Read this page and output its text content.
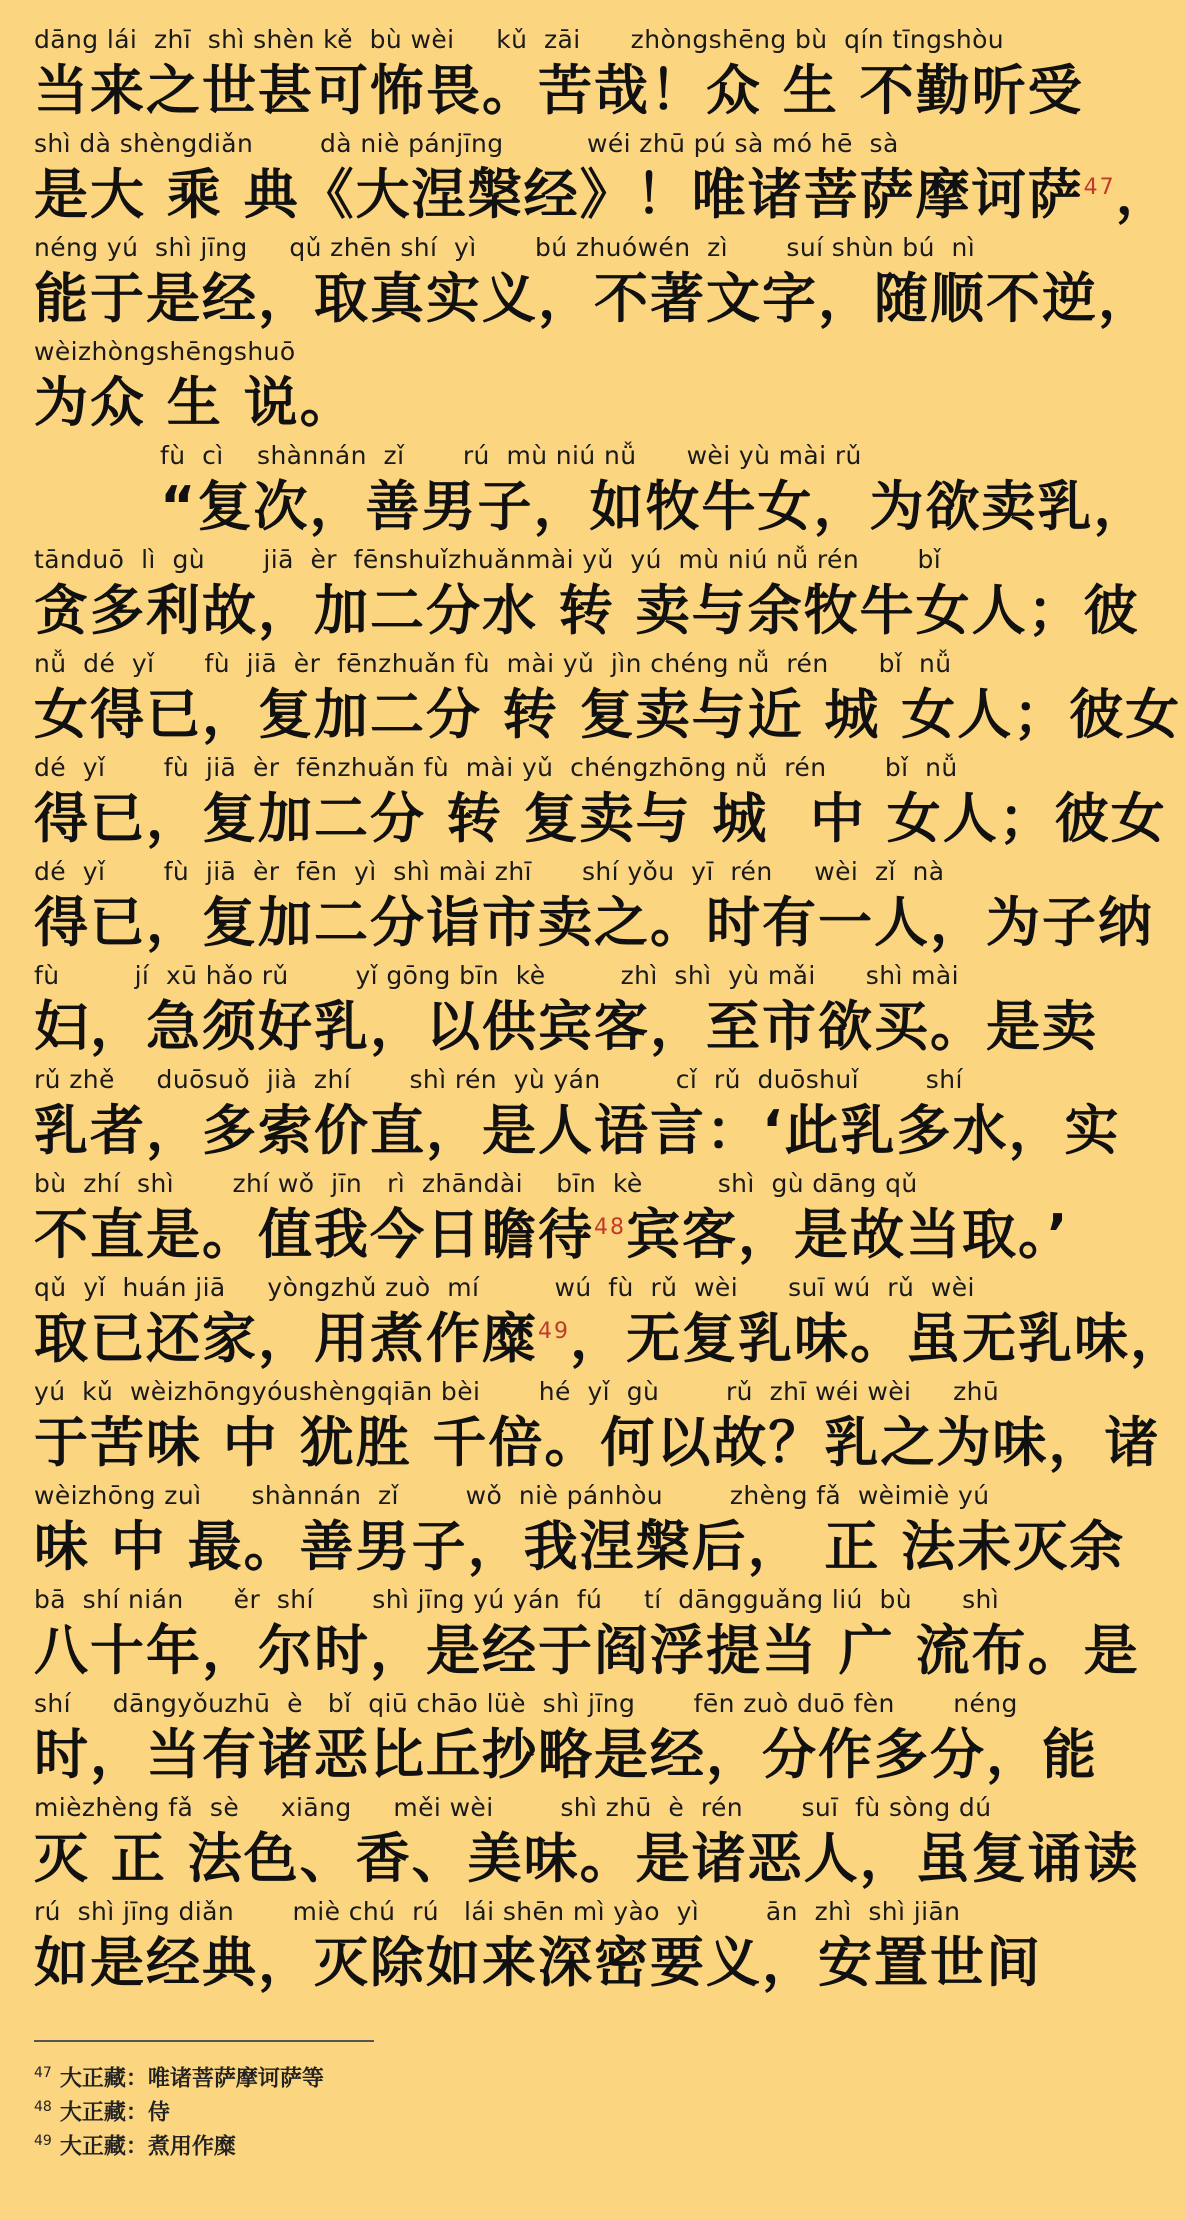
dāng lái  zhī  shì shèn kě  bù wèi     kǔ  zāi      zhòngshēng bù  qín tīngshòu
当来之世甚可怖畏。苦哉！众 生 不勤听受
shì dà shèngdiǎn        dà niè pánjīng          wéi zhū pú sà mó hē  sà
是大 乘 典《大涅槃经》！唯诸菩萨摩诃萨$^{47}$，
néng yú  shì jīng     qǔ zhēn shí  yì       bú zhuówén  zì       suí shùn bú  nì
能于是经，取真实义，不著文字，随顺不逆，
wèizhòngshēngshuō
为众 生 说。
fù  cì    shànnán  zǐ       rú  mù niú nǚ      wèi yù mài rǔ
“复次，善男子，如牧牛女，为欲卖乳，
tānduō  lì  gù       jiā  èr  fēnshuǐzhuǎnmài yǔ  yú  mù niú nǚ rén       bǐ
贪多利故，加二分水 转 卖与余牧牛女人；彼
nǚ  dé  yǐ      fù  jiā  èr  fēnzhuǎn fù  mài yǔ  jìn chéng nǚ  rén      bǐ  nǚ
女得已，复加二分 转 复卖与近 城 女人；彼女
dé  yǐ       fù  jiā  èr  fēnzhuǎn fù  mài yǔ  chéngzhōng nǚ  rén       bǐ  nǚ
得已，复加二分 转 复卖与 城  中 女人；彼女
dé  yǐ       fù  jiā  èr  fēn  yì  shì mài zhī      shí yǒu  yī  rén     wèi  zǐ  nà
得已，复加二分诣市卖之。时有一人，为子纳
fù         jí  xū hǎo rǔ        yǐ gōng bīn  kè         zhì  shì  yù mǎi      shì mài
妇，急须好乳，以供宾客，至市欲买。是卖
rǔ zhě     duōsuǒ  jià  zhí       shì rén  yù yán         cǐ  rǔ  duōshuǐ        shí
乳者，多索价直，是人语言：‘此乳多水，实
bù  zhí  shì       zhí wǒ  jīn   rì  zhāndài    bīn  kè         shì  gù dāng qǔ
不直是。值我今日瞻待$^{48}$宾客，是故当取。’
qǔ  yǐ  huán jiā     yòngzhǔ zuò  mí         wú  fù  rǔ  wèi      suī wú  rǔ  wèi
取已还家，用煮作糜$^{49}$，无复乳味。虽无乳味，
yú  kǔ  wèizhōngyóushèngqiān bèi       hé  yǐ  gù        rǔ  zhī wéi wèi     zhū
于苦味 中 犹胜 千倍。何以故？乳之为味，诸
wèizhōng zuì      shànnán  zǐ        wǒ  niè pánhòu        zhèng fǎ  wèimiè yú
味 中 最。善男子，我涅槃后， 正 法未灭余
bā  shí nián      ěr  shí       shì jīng yú yán  fú     tí  dāngguǎng liú  bù      shì
八十年，尔时，是经于阎浮提当 广 流布。是
shí     dāngyǒuzhū  è   bǐ  qiū chāo lüè  shì jīng       fēn zuò duō fèn       néng
时，当有诸恶比丘抄略是经，分作多分，能
mièzhèng fǎ  sè     xiāng     měi wèi        shì zhū  è  rén       suī  fù sòng dú
灭 正 法色、香、美味。是诸恶人，虽复诵读
rú  shì jīng diǎn       miè chú  rú   lái shēn mì yào  yì        ān  zhì  shì jiān
如是经典，灭除如来深密要义，安置世间
$^{47}$ 大正藏：唯诸菩萨摩诃萨等
$^{48}$ 大正藏：侍
$^{49}$ 大正藏：煮用作糜
